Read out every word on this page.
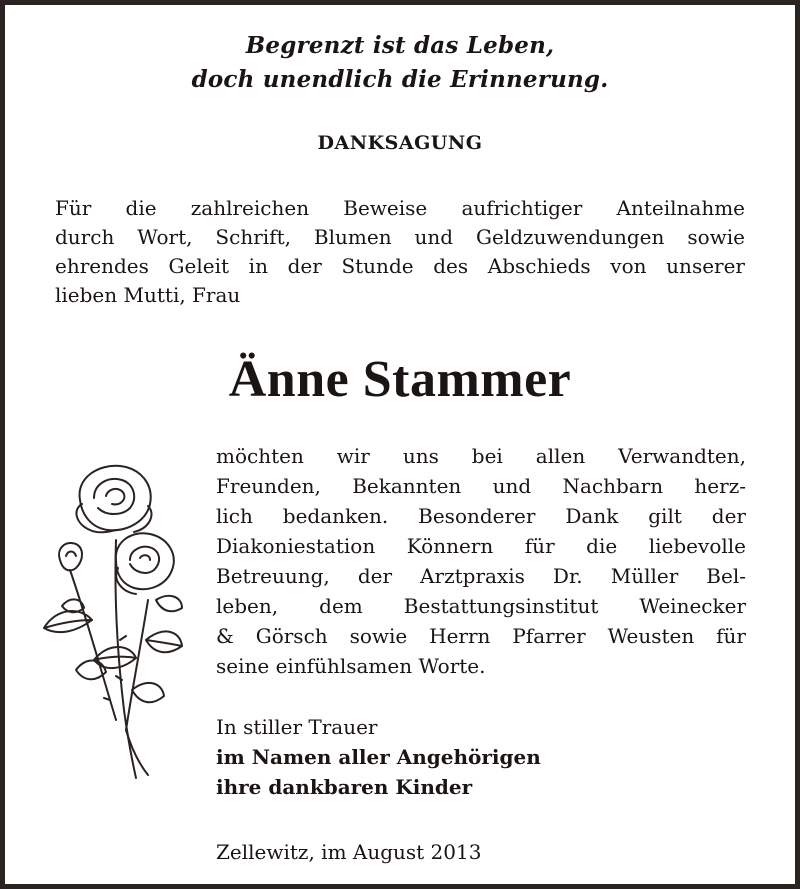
Begrenzt ist das Leben,
doch unendlich die Erinnerung.
DANKSAGUNG
Für die zahlreichen Beweise aufrichtiger Anteilnahme
durch Wort, Schrift, Blumen und Geldzuwendungen sowie
ehrendes Geleit in der Stunde des Abschieds von unserer
lieben Mutti, Frau
Änne Stammer
möchten wir uns bei allen Verwandten,
Freunden, Bekannten und Nachbarn herz-
lich bedanken. Besonderer Dank gilt der
Diakoniestation Könnern für die liebevolle
Betreuung, der Arztpraxis Dr. Müller Bel-
leben, dem Bestattungsinstitut Weinecker
& Görsch sowie Herrn Pfarrer Weusten für
seine einfühlsamen Worte.
In stiller Trauer
im Namen aller Angehörigen
ihre dankbaren Kinder
Zellewitz, im August 2013
